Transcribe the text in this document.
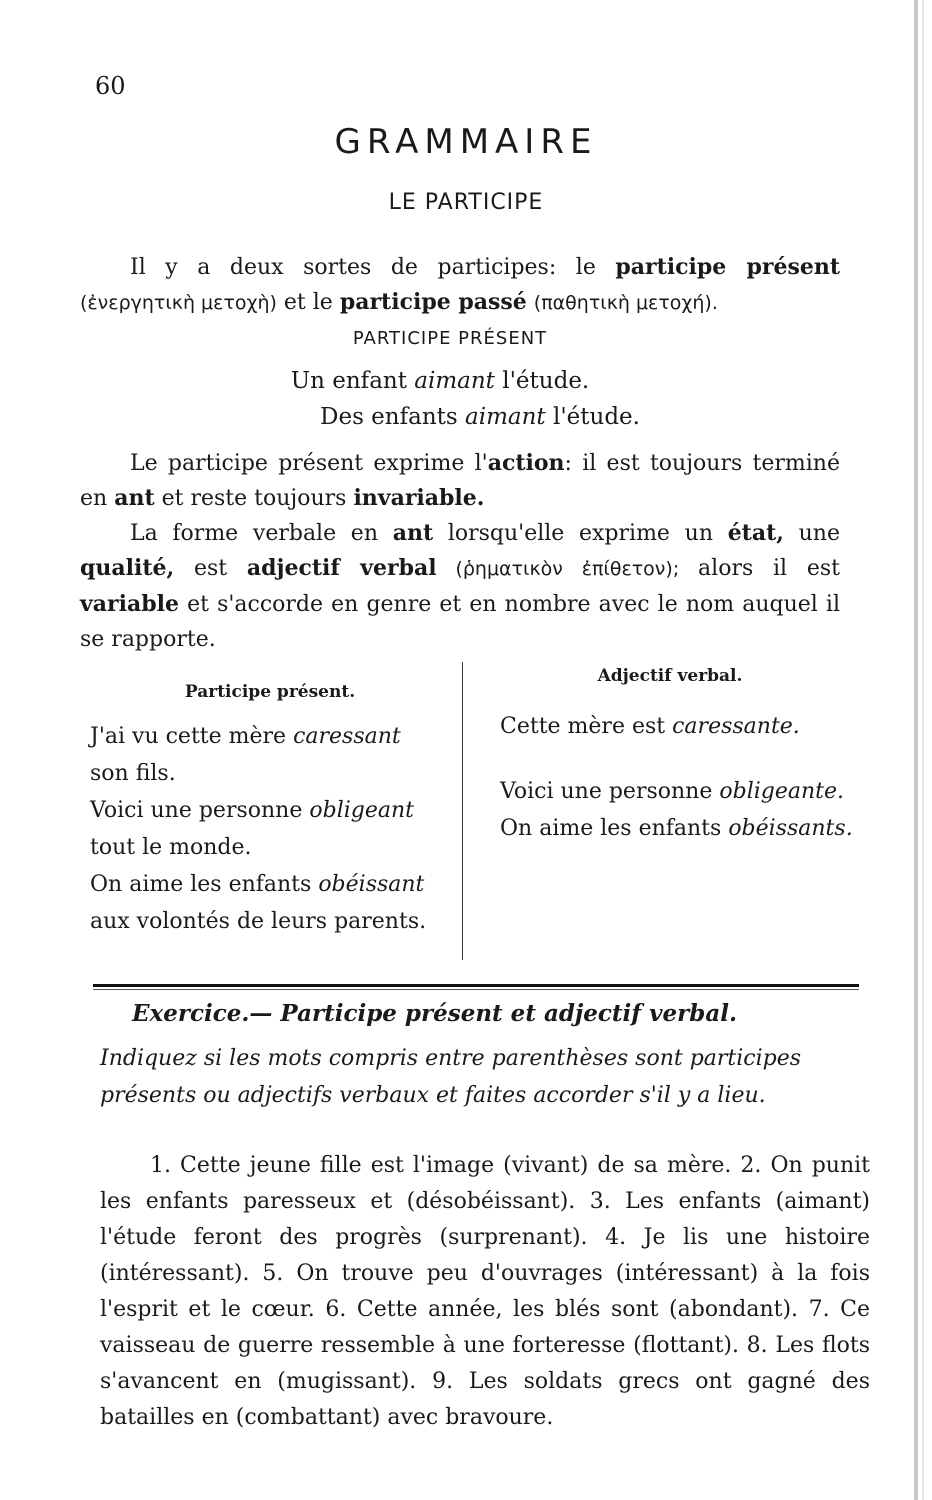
60
GRAMMAIRE
LE PARTICIPE
Il y a deux sortes de participes: le participe présent (ἐνεργητικὴ μετοχὴ) et le participe passé (παθητικὴ μετοχή).
PARTICIPE PRÉSENT
Un enfant aimant l'étude.
Des enfants aimant l'étude.
Le participe présent exprime l'action: il est toujours terminé en ant et reste toujours invariable.
La forme verbale en ant lorsqu'elle exprime un état, une qualité, est adjectif verbal (ῥηματικὸν ἐπίθετον); alors il est variable et s'accorde en genre et en nombre avec le nom auquel il se rapporte.
Participe présent.

J'ai vu cette mère caressant son fils.

Voici une personne obligeant tout le monde.

On aime les enfants obéissant aux volontés de leurs parents.

Adjectif verbal.

Cette mère est caressante.

Voici une personne obligeante.

On aime les enfants obéissants.

Exercice.— Participe présent et adjectif verbal.
Indiquez si les mots compris entre parenthèses sont participes présents ou adjectifs verbaux et faites accorder s'il y a lieu.
1. Cette jeune fille est l'image (vivant) de sa mère. 2. On punit les enfants paresseux et (désobéissant). 3. Les enfants (aimant) l'étude feront des progrès (surprenant). 4. Je lis une histoire (intéressant). 5. On trouve peu d'ouvrages (intéressant) à la fois l'esprit et le cœur. 6. Cette année, les blés sont (abondant). 7. Ce vaisseau de guerre ressemble à une forteresse (flottant). 8. Les flots s'avancent en (mugissant). 9. Les soldats grecs ont gagné des batailles en (combattant) avec bravoure.
